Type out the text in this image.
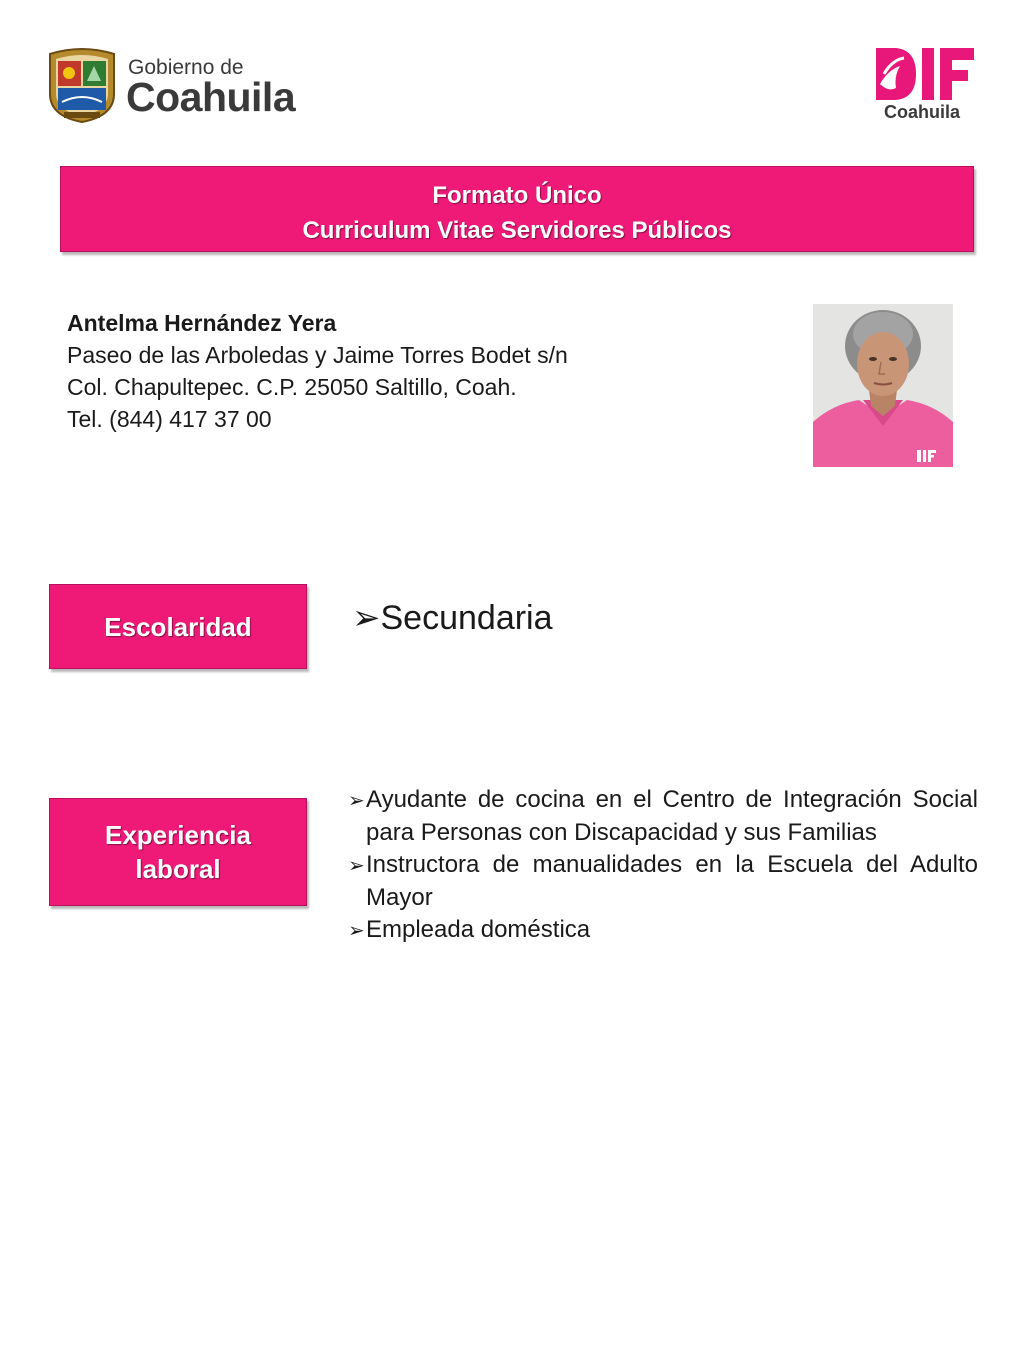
Gobierno de
Coahuila
DIF
Coahuila
Formato Único
Curriculum Vitae Servidores Públicos
Antelma Hernández Yera
Paseo de las Arboledas y Jaime Torres Bodet s/n
Col. Chapultepec. C.P. 25050 Saltillo, Coah.
Tel. (844) 417 37 00
Escolaridad	➢Secundaria
Experiencia
laboral
➢Ayudante de cocina en el Centro de Integración Social para Personas con Discapacidad y sus Familias
➢Instructora de manualidades en la Escuela del Adulto Mayor
➢Empleada doméstica
